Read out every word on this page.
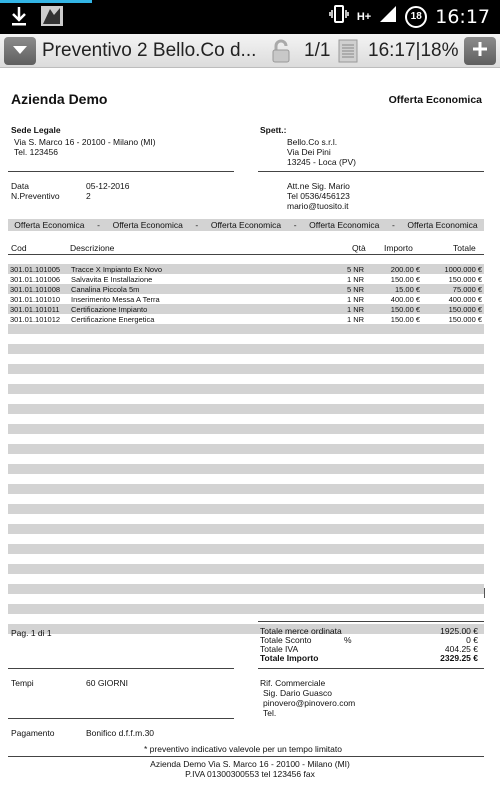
H+	18 16:17
Preventivo 2 Bello.Co d...	1/1 16:17|18%
Azienda Demo	Offerta Economica
Sede Legale
Via S. Marco 16 - 20100 - Milano (MI)
Tel. 123456
Spett.:
Bello.Co s.r.l.
Via Dei Pini
13245 - Loca (PV)
Data	05-12-2016
N.Preventivo	2
Att.ne Sig. Mario
Tel 0536/456123
mario@tuosito.it
Offerta Economica - Offerta Economica - Offerta Economica - Offerta Economica - Offerta Economica
Cod	Descrizione	Qtà Importo	Totale
301.01.101005 Tracce X Impianto Ex Novo	5 NR	200.00 €	1000.000 €
301.01.101006 Salvavita E Installazione	1 NR	150.00 €	150.000 €
301.01.101008 Canalina Piccola 5m	5 NR	15.00 €	75.000 €
301.01.101010 Inserimento Messa A Terra	1 NR	400.00 €	400.000 €
301.01.101011 Certificazione Impianto	1 NR	150.00 €	150.000 €
301.01.101012 Certificazione Energetica	1 NR	150.00 €	150.000 €
Pag. 1 di 1	Totale merce ordinata	1925.00 €
Totale Sconto	%	0 €
Totale IVA	404.25 €
Totale Importo	2329.25 €
Tempi	60 GIORNI	Rif. Commerciale
Sig. Dario Guasco
pinovero@pinovero.com
Tel.
Pagamento	Bonifico d.f.f.m.30
* preventivo indicativo valevole per un tempo limitato
Azienda Demo Via S. Marco 16 - 20100 - Milano (MI)
P.IVA 01300300553 tel 123456 fax
